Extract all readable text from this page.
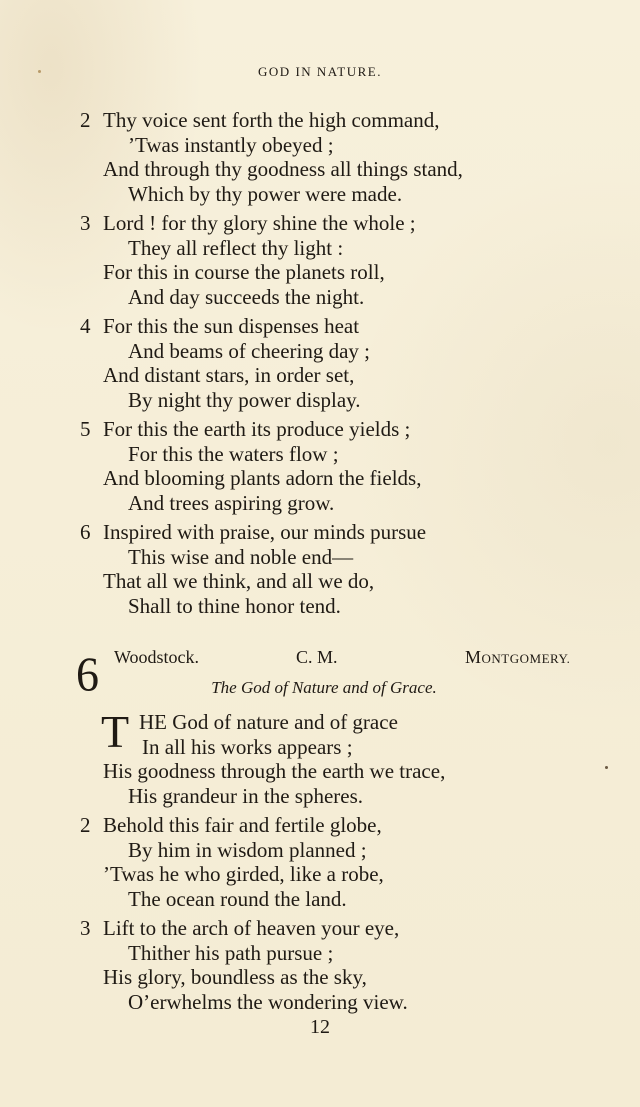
GOD IN NATURE.
2 Thy voice sent forth the high command,
’Twas instantly obeyed ;
And through thy goodness all things stand,
Which by thy power were made.
3 Lord ! for thy glory shine the whole ;
They all reflect thy light :
For this in course the planets roll,
And day succeeds the night.
4 For this the sun dispenses heat
And beams of cheering day ;
And distant stars, in order set,
By night thy power display.
5 For this the earth its produce yields ;
For this the waters flow ;
And blooming plants adorn the fields,
And trees aspiring grow.
6 Inspired with praise, our minds pursue
This wise and noble end—
That all we think, and all we do,
Shall to thine honor tend.
6 Woodstock.	C. M.	MONTGOMERY.
The God of Nature and of Grace.
T HE God of nature and of grace
In all his works appears ;
His goodness through the earth we trace,
His grandeur in the spheres.
2 Behold this fair and fertile globe,
By him in wisdom planned ;
’Twas he who girded, like a robe,
The ocean round the land.
3 Lift to the arch of heaven your eye,
Thither his path pursue ;
His glory, boundless as the sky,
O’erwhelms the wondering view.
12
